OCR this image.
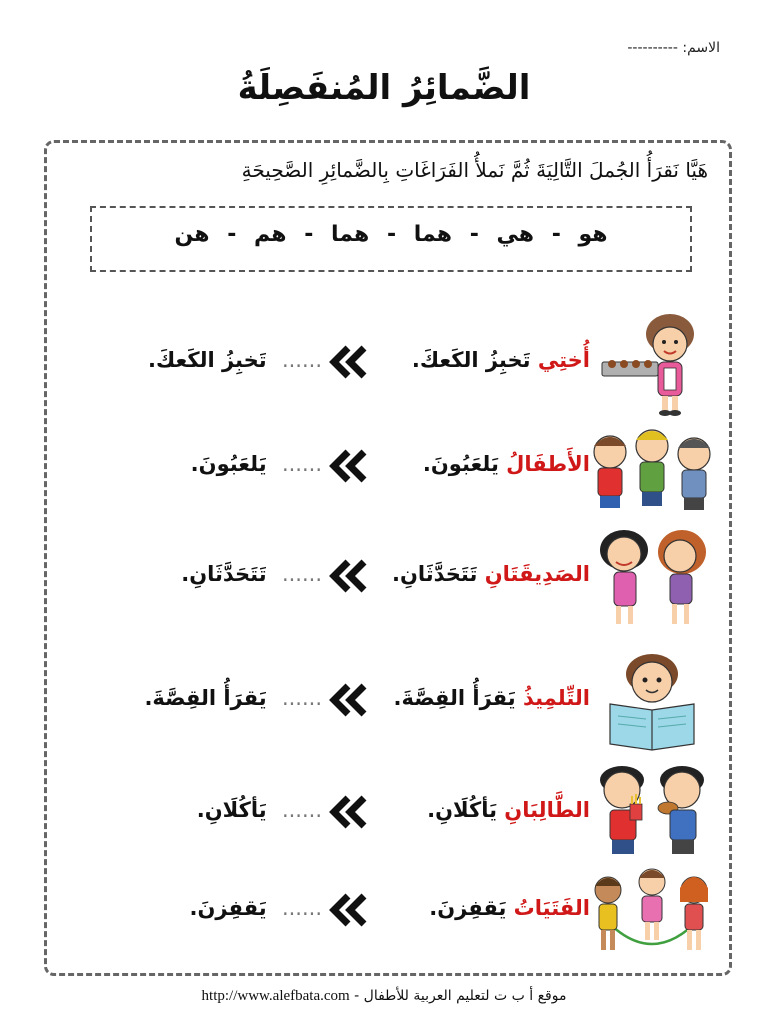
الاسم: ----------
الضَّمائِرُ المُنفَصِلَةُ
هَيَّا نَقرَأُ الجُملَ التَّالِيَةَ ثُمَّ نَملأُ الفَرَاغَاتِ بِالضَّمائِرِ الصَّحِيحَةِ
هو - هي - هما - هما - هم - هن
أُختِي تَخبِزُ الكَعكَ.
...... تَخبِزُ الكَعكَ.
الأَطفَالُ يَلعَبُونَ.
...... يَلعَبُونَ.
الصَدِيقَتَانِ تَتَحَدَّثَانِ.
...... تَتَحَدَّثَانِ.
التِّلمِيذُ يَقرَأُ القِصَّةَ.
...... يَقرَأُ القِصَّةَ.
الطَّالِبَانِ يَأكُلَانِ.
...... يَأكُلَانِ.
الفَتَيَاتُ يَقفِزنَ.
...... يَقفِزنَ.
http://www.alefbata.com موقع أ ب ت لتعليم العربية للأطفال -
